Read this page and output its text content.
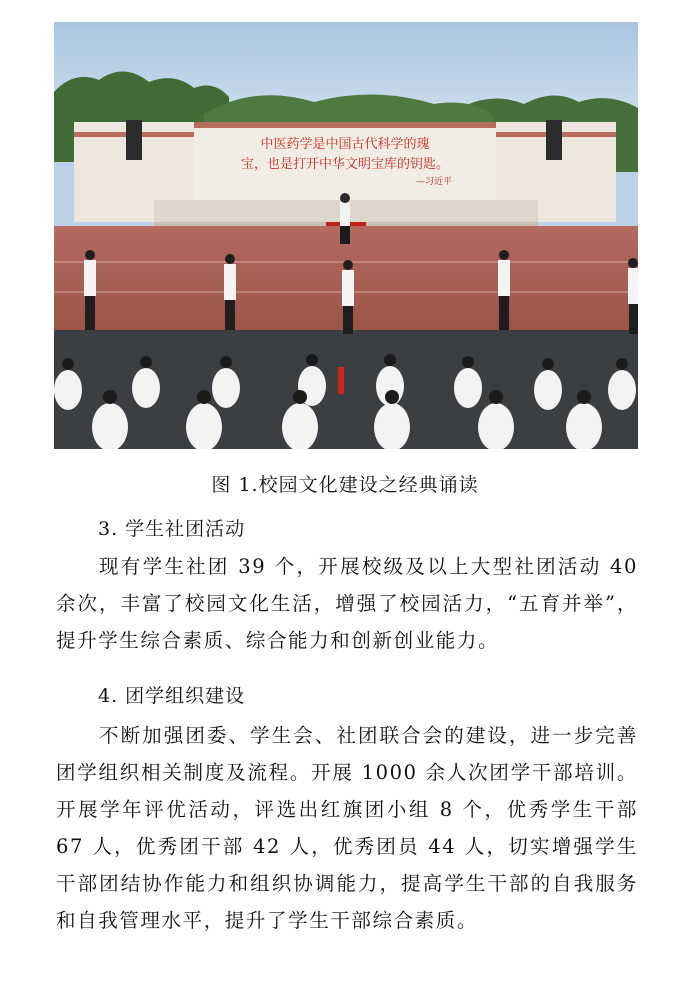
中医药学是中国古代科学的瑰
宝，也是打开中华文明宝库的钥匙。
—习近平
图 1.校园文化建设之经典诵读
3. 学生社团活动

现有学生社团 39 个，开展校级及以上大型社团活动 40 余次，丰富了校园文化生活，增强了校园活力，“五育并举”，提升学生综合素质、综合能力和创新创业能力。

4. 团学组织建设

不断加强团委、学生会、社团联合会的建设，进一步完善团学组织相关制度及流程。开展 1000 余人次团学干部培训。开展学年评优活动，评选出红旗团小组 8 个，优秀学生干部 67 人，优秀团干部 42 人，优秀团员 44 人，切实增强学生干部团结协作能力和组织协调能力，提高学生干部的自我服务和自我管理水平，提升了学生干部综合素质。
